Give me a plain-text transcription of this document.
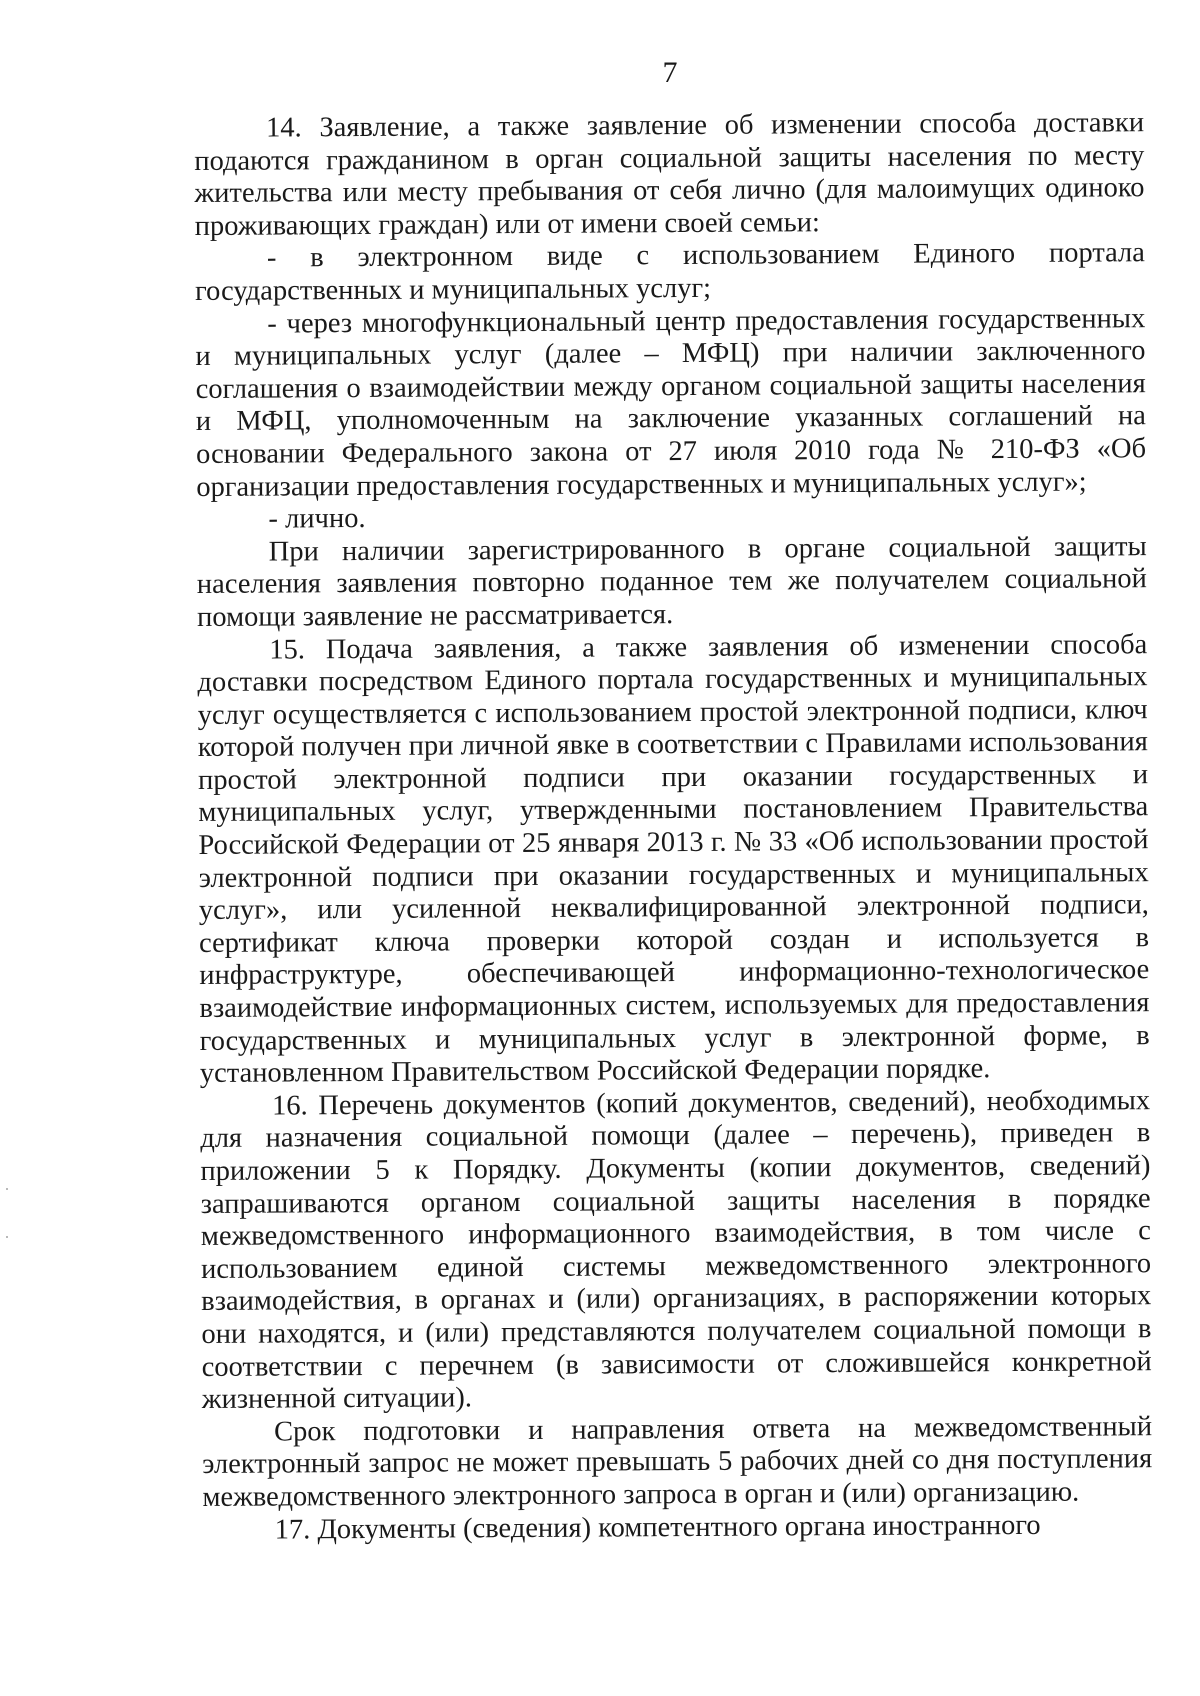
7

14. Заявление, а также заявление об изменении способа доставки подаются гражданином в орган социальной защиты населения по месту жительства или месту пребывания от себя лично (для малоимущих одиноко проживающих граждан) или от имени своей семьи:

- в электронном виде с использованием Единого портала государственных и муниципальных услуг;

- через многофункциональный центр предоставления государственных и муниципальных услуг (далее – МФЦ) при наличии заключенного соглашения о взаимодействии между органом социальной защиты населения и МФЦ, уполномоченным на заключение указанных соглашений на основании Федерального закона от 27 июля 2010 года № 210-ФЗ «Об организации предоставления государственных и муниципальных услуг»;

- лично.

При наличии зарегистрированного в органе социальной защиты населения заявления повторно поданное тем же получателем социальной помощи заявление не рассматривается.

15. Подача заявления, а также заявления об изменении способа доставки посредством Единого портала государственных и муниципальных услуг осуществляется с использованием простой электронной подписи, ключ которой получен при личной явке в соответствии с Правилами использования простой электронной подписи при оказании государственных и муниципальных услуг, утвержденными постановлением Правительства Российской Федерации от 25 января 2013 г. № 33 «Об использовании простой электронной подписи при оказании государственных и муниципальных услуг», или усиленной неквалифицированной электронной подписи, сертификат ключа проверки которой создан и используется в инфраструктуре, обеспечивающей информационно-технологическое взаимодействие информационных систем, используемых для предоставления государственных и муниципальных услуг в электронной форме, в установленном Правительством Российской Федерации порядке.

16. Перечень документов (копий документов, сведений), необходимых для назначения социальной помощи (далее – перечень), приведен в приложении 5 к Порядку. Документы (копии документов, сведений) запрашиваются органом социальной защиты населения в порядке межведомственного информационного взаимодействия, в том числе с использованием единой системы межведомственного электронного взаимодействия, в органах и (или) организациях, в распоряжении которых они находятся, и (или) представляются получателем социальной помощи в соответствии с перечнем (в зависимости от сложившейся конкретной жизненной ситуации).

Срок подготовки и направления ответа на межведомственный электронный запрос не может превышать 5 рабочих дней со дня поступления межведомственного электронного запроса в орган и (или) организацию.

17. Документы (сведения) компетентного органа иностранного
